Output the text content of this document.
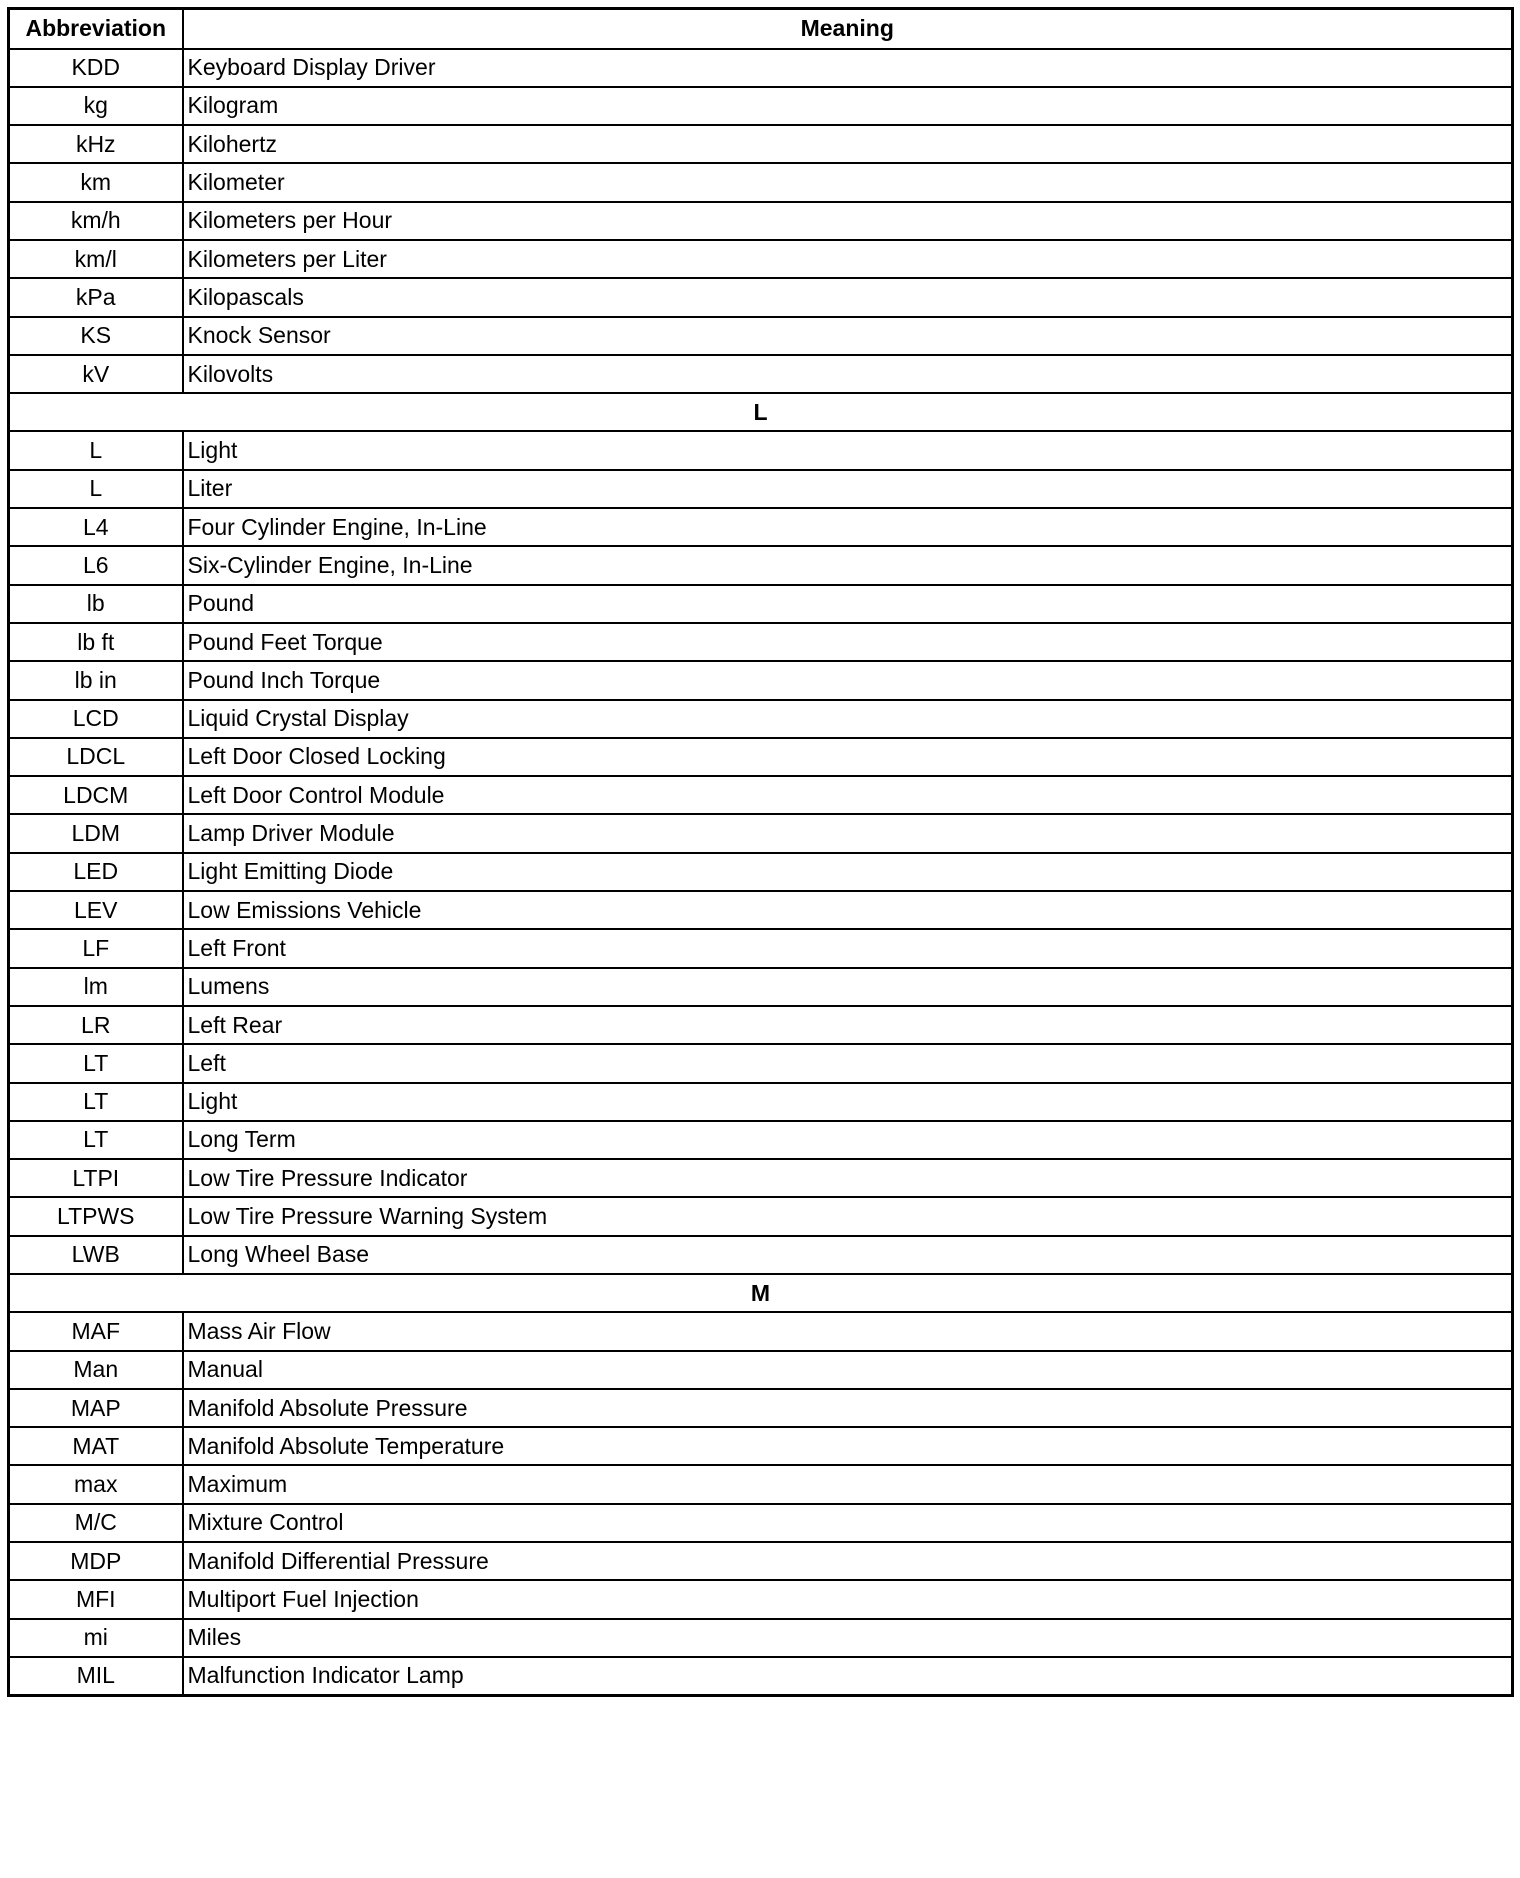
Abbreviation	Meaning
KDD	Keyboard Display Driver
kg	Kilogram
kHz	Kilohertz
km	Kilometer
km/h	Kilometers per Hour
km/l	Kilometers per Liter
kPa	Kilopascals
KS	Knock Sensor
kV	Kilovolts
L	
L	Light
L	Liter
L4	Four Cylinder Engine, In-Line
L6	Six-Cylinder Engine, In-Line
lb	Pound
lb ft	Pound Feet Torque
lb in	Pound Inch Torque
LCD	Liquid Crystal Display
LDCL	Left Door Closed Locking
LDCM	Left Door Control Module
LDM	Lamp Driver Module
LED	Light Emitting Diode
LEV	Low Emissions Vehicle
LF	Left Front
lm	Lumens
LR	Left Rear
LT	Left
LT	Light
LT	Long Term
LTPI	Low Tire Pressure Indicator
LTPWS	Low Tire Pressure Warning System
LWB	Long Wheel Base
M	
MAF	Mass Air Flow
Man	Manual
MAP	Manifold Absolute Pressure
MAT	Manifold Absolute Temperature
max	Maximum
M/C	Mixture Control
MDP	Manifold Differential Pressure
MFI	Multiport Fuel Injection
mi	Miles
MIL	Malfunction Indicator Lamp
